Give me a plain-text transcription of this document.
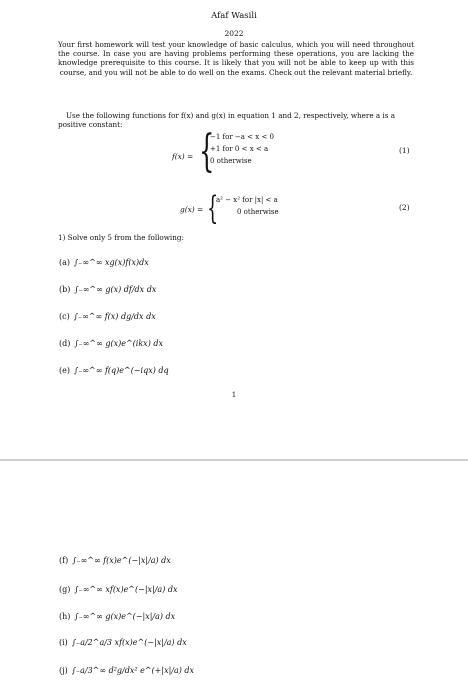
Afaf Wasili
2022
Your first homework will test your knowledge of basic calculus, which you will need throughout the course. In case you are having problems performing these operations, you are lacking the knowledge prerequisite to this course. It is likely that you will not be able to keep up with this course, and you will not be able to do well on the exams. Check out the relevant material briefly.
Use the following functions for f(x) and g(x) in equation 1 and 2, respectively, where a is a positive constant:
f(x) = {
−1 for −a < x < 0
+1 for 0 < x < a
0 otherwise
(1)
g(x) = {
a² − x² for |x| < a
0 otherwise	(2)
1) Solve only 5 from the following:
(a) ∫₋∞^∞ xg(x)f(x)dx
(b) ∫₋∞^∞ g(x) df/dx dx
(c) ∫₋∞^∞ f(x) dg/dx dx
(d) ∫₋∞^∞ g(x)e^(ikx) dx
(e) ∫₋∞^∞ f(q)e^(−iqx) dq
1
(f) ∫₋∞^∞ f(x)e^(−|x|/a) dx
(g) ∫₋∞^∞ xf(x)e^(−|x|/a) dx
(h) ∫₋∞^∞ g(x)e^(−|x|/a) dx
(i) ∫₋a/2^a/3 xf(x)e^(−|x|/a) dx
(j) ∫₋a/3^∞ d²g/dx² e^(+|x|/a) dx
